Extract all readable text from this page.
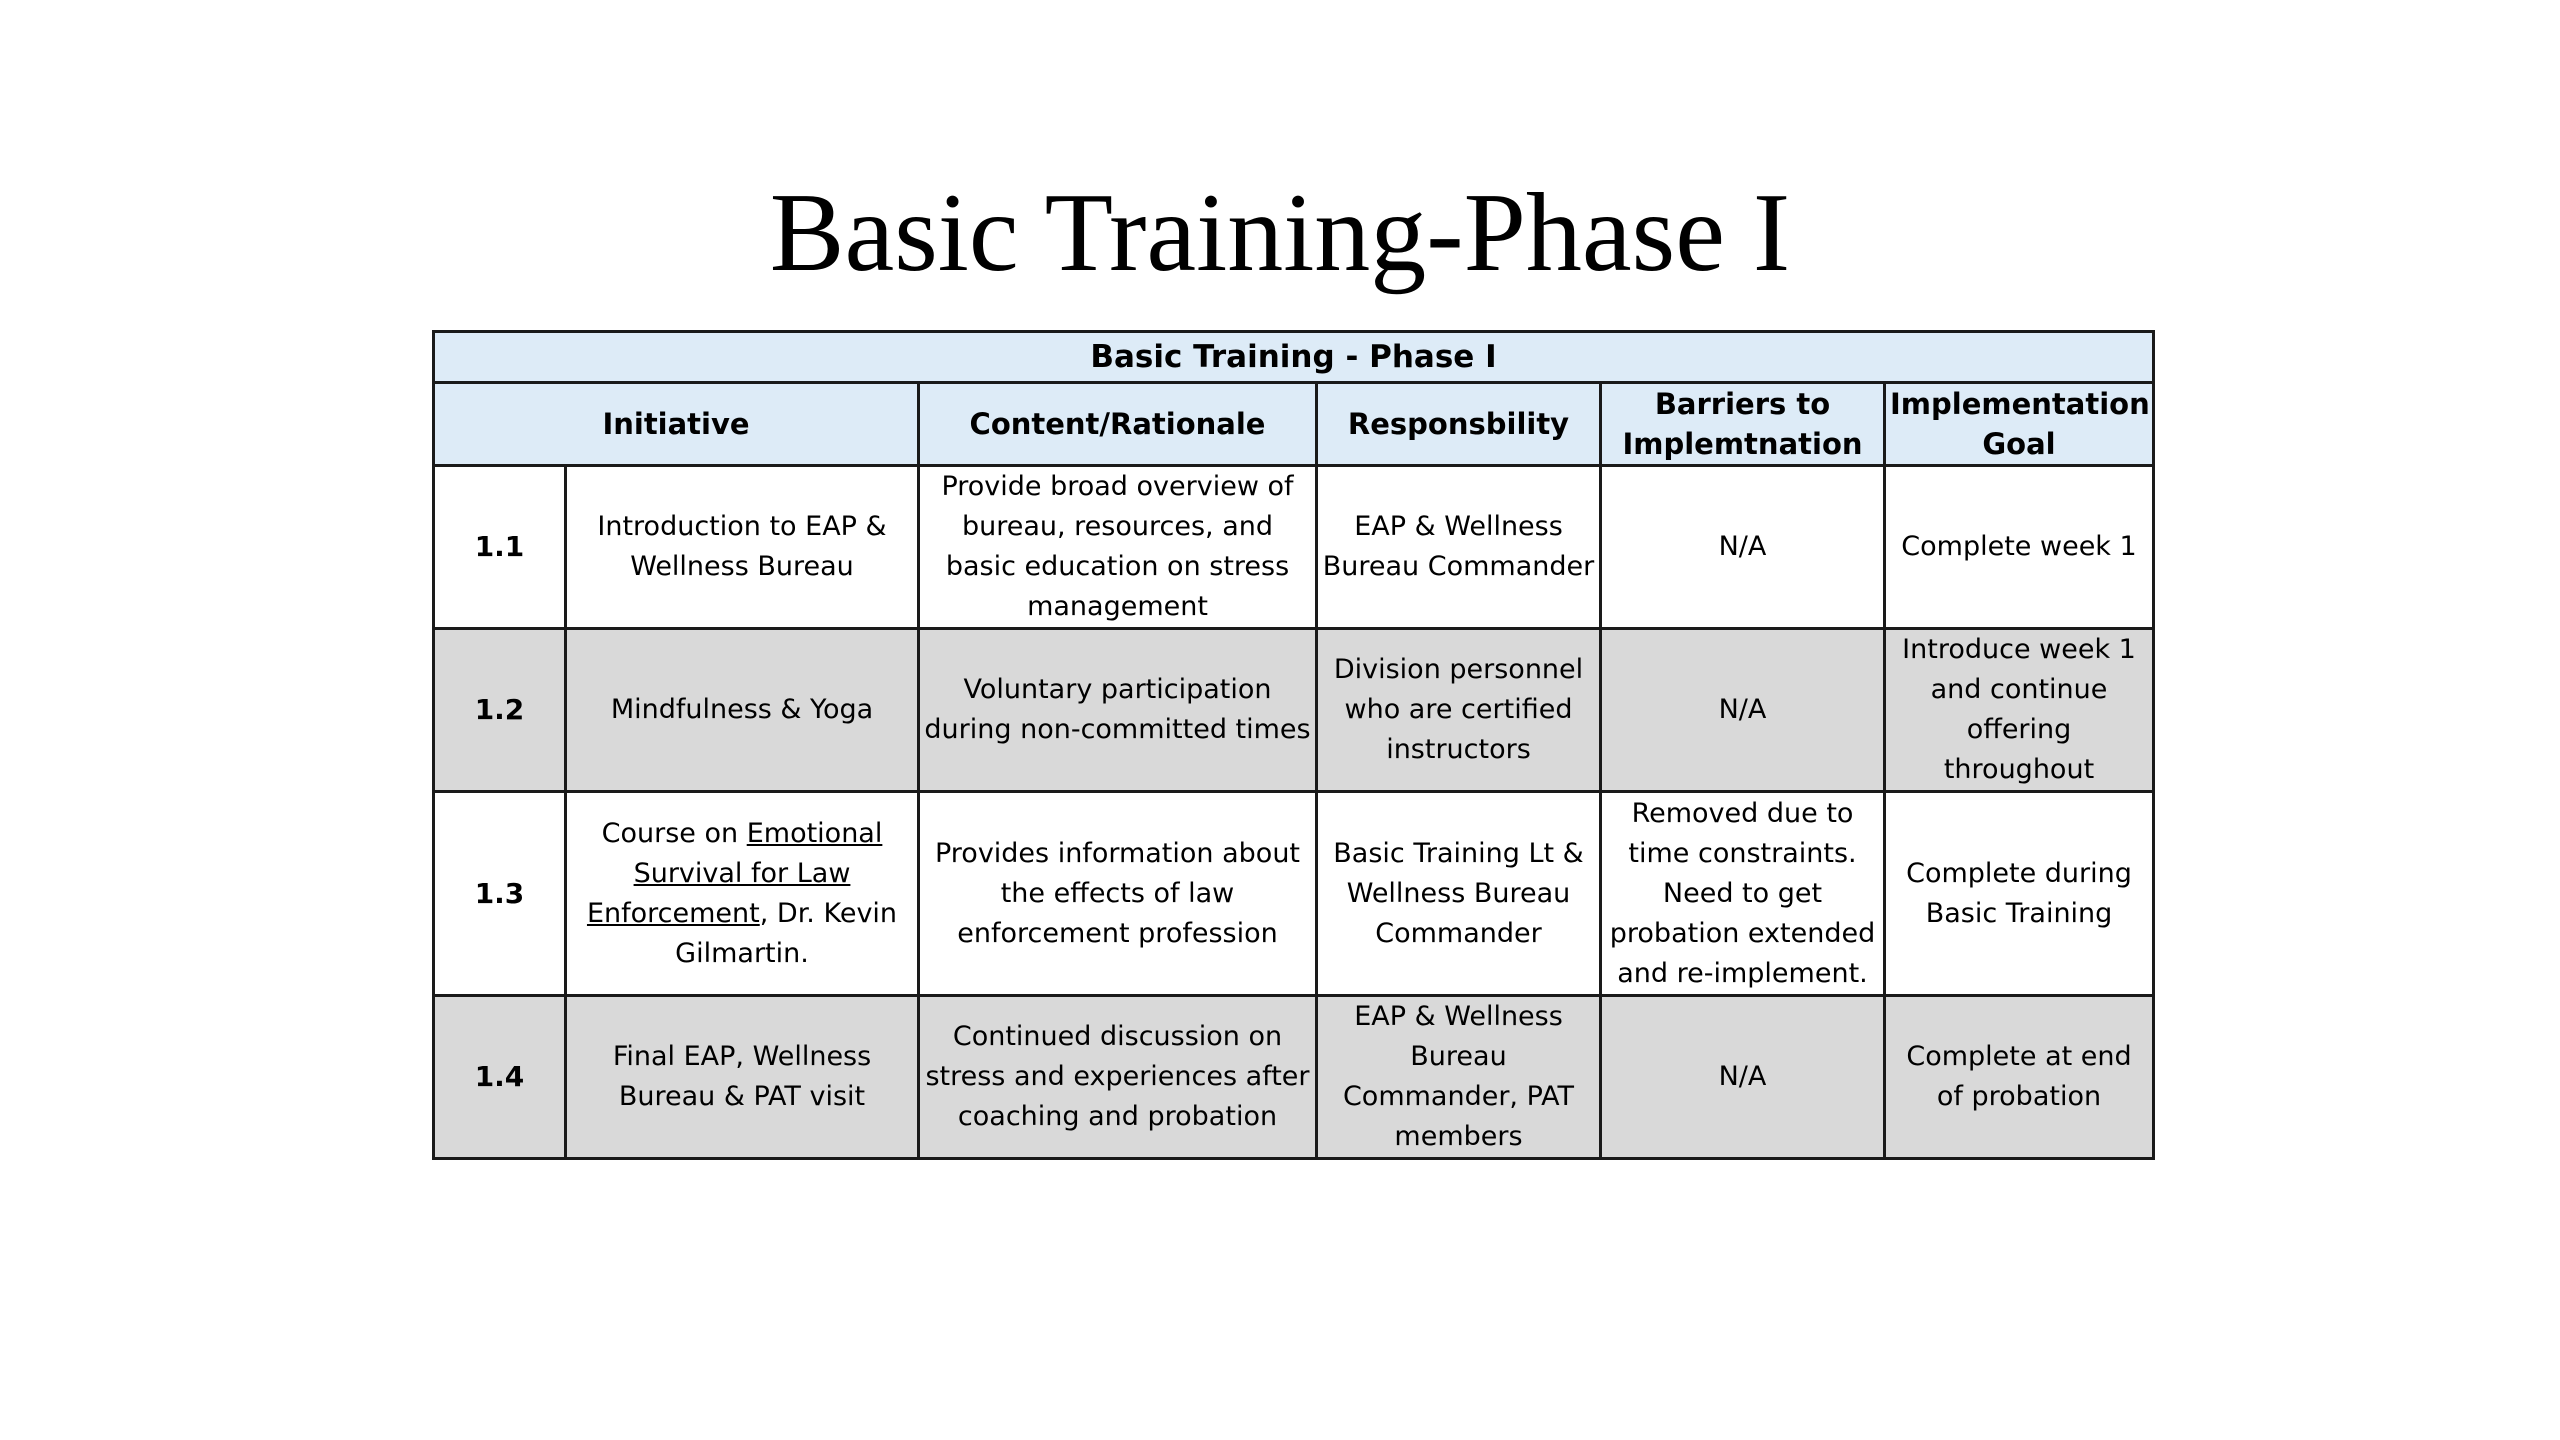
Basic Training-Phase I
Basic Training - Phase I					
Initiative		Content/Rationale	Responsbility	Barriers to Implemtnation	Implementation Goal
1.1	Introduction to EAP & Wellness Bureau	Provide broad overview of bureau, resources, and basic education on stress management	EAP & Wellness Bureau Commander	N/A	Complete week 1
1.2	Mindfulness & Yoga	Voluntary participation during non-committed times	Division personnel who are certified instructors	N/A	Introduce week 1 and continue offering throughout
1.3	Course on Emotional Survival for Law Enforcement, Dr. Kevin Gilmartin.	Provides information about the effects of law enforcement profession	Basic Training Lt & Wellness Bureau Commander	Removed due to time constraints. Need to get probation extended and re-implement.	Complete during Basic Training
1.4	Final EAP, Wellness Bureau & PAT visit	Continued discussion on stress and experiences after coaching and probation	EAP & Wellness Bureau Commander, PAT members	N/A	Complete at end of probation
